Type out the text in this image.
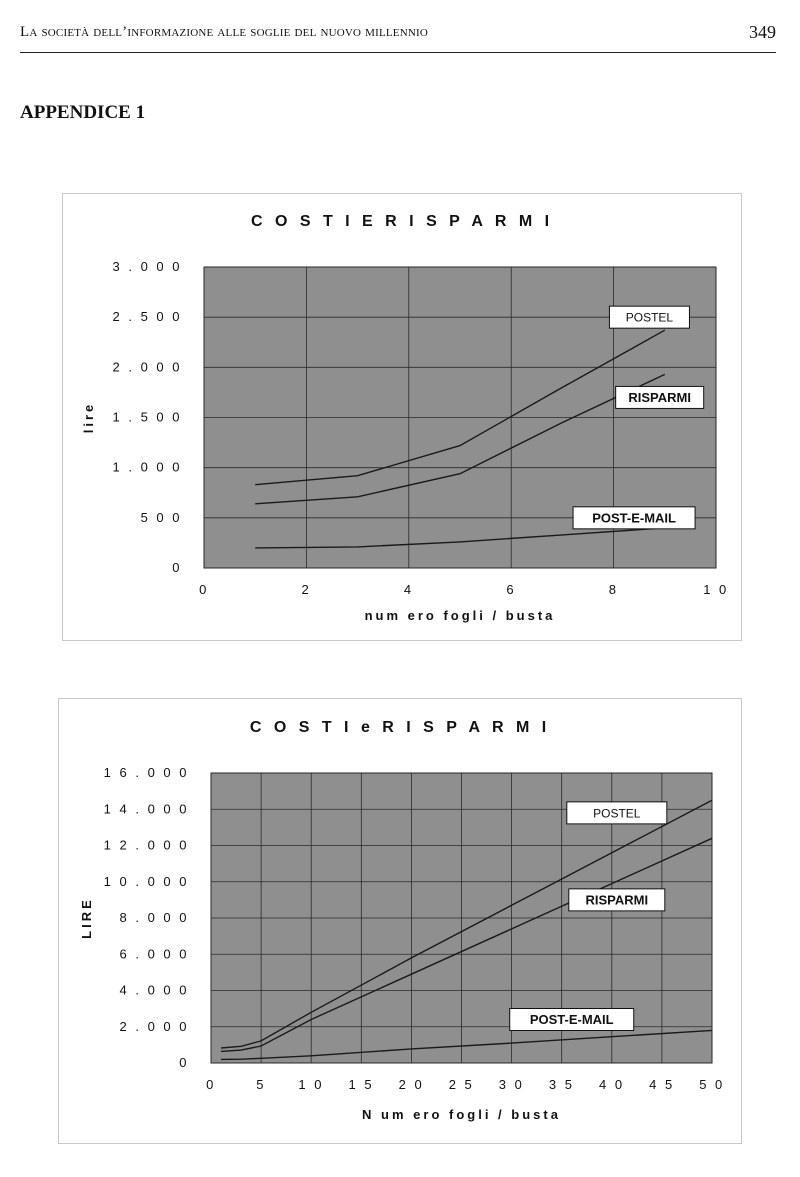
La società dell’informazione alle soglie del nuovo millennio	349
APPENDICE 1
C O S T I E R I S P A R M I
0
5 0 0
1 . 0 0 0
1 . 5 0 0
2 . 0 0 0
2 . 5 0 0
3 . 0 0 0
0	2	4	6	8	1 0
num ero fogli / busta
lire
POSTEL
RISPARMI
POST-E-MAIL
C O S T I e R I S P A R M I
0
2 . 0 0 0
4 . 0 0 0
6 . 0 0 0
8 . 0 0 0
1 0 . 0 0 0
1 2 . 0 0 0
1 4 . 0 0 0
1 6 . 0 0 0
0	5 1 0 1 5 2 0 2 5 3 0 3 5 4 0 4 5 5 0
N um ero fogli / busta
LIRE
POSTEL
RISPARMI
POST-E-MAIL
